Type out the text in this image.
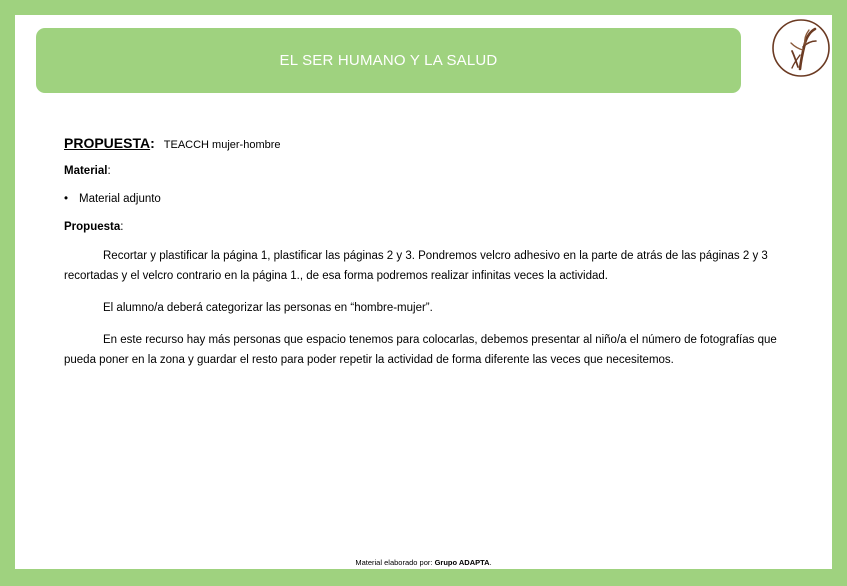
EL SER HUMANO Y LA SALUD
PROPUESTA : TEACCH mujer-hombre

Material:

• Material adjunto

Propuesta:

Recortar y plastificar la página 1, plastificar las páginas 2 y 3. Pondremos velcro adhesivo en la parte de atrás de las páginas 2 y 3 recortadas y el velcro contrario en la página 1., de esa forma podremos realizar infinitas veces la actividad.

El alumno/a deberá categorizar las personas en “hombre-mujer”.

En este recurso hay más personas que espacio tenemos para colocarlas, debemos presentar al niño/a el número de fotografías que pueda poner en la zona y guardar el resto para poder repetir la actividad de forma diferente las veces que necesitemos.

Material elaborado por: Grupo ADAPTA.
